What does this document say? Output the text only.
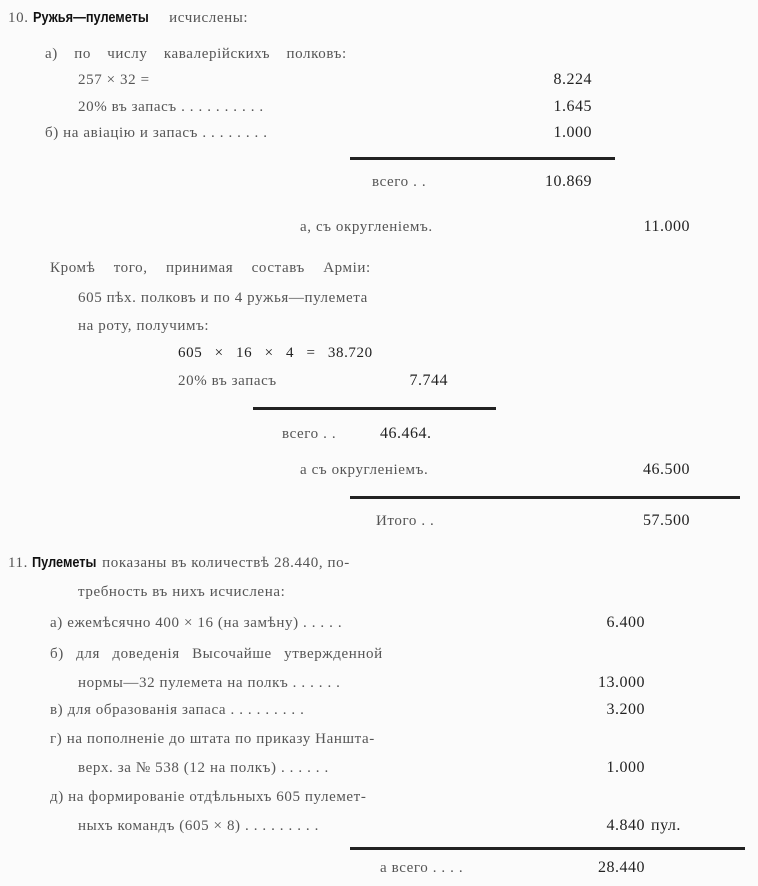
10. Ружья—пулеметы исчислены:
а) по числу кавалерійскихъ полковъ:
257 × 32 =	8.224
20% въ запасъ . . . . . . . . . .	1.645
б) на авіацію и запасъ . . . . . . . .	1.000
всего . .	10.869
а, съ округленіемъ.	11.000
Кромѣ того, принимая составъ Арміи:
605 пѣх. полковъ и по 4 ружья—пулемета
на роту, получимъ:
605 × 16 × 4 = 38.720
20% въ запасъ	7.744
всего . .	46.464.
а съ округленіемъ.	46.500
Итого . .	57.500
11. Пулеметы показаны въ количествѣ 28.440, по-
требность въ нихъ исчислена:
а) ежемѣсячно 400 × 16 (на замѣну) . . . . .	6.400
б) для доведенія Высочайше утвержденной
нормы—32 пулемета на полкъ . . . . . .	13.000
в) для образованія запаса . . . . . . . . .	3.200
г) на пополненіе до штата по приказу Наншта-
верх. за № 538 (12 на полкъ) . . . . . .	1.000
д) на формированіе отдѣльныхъ 605 пулемет-
ныхъ командъ (605 × 8) . . . . . . . . .	4.840 пул.
а всего . . . .	28.440
